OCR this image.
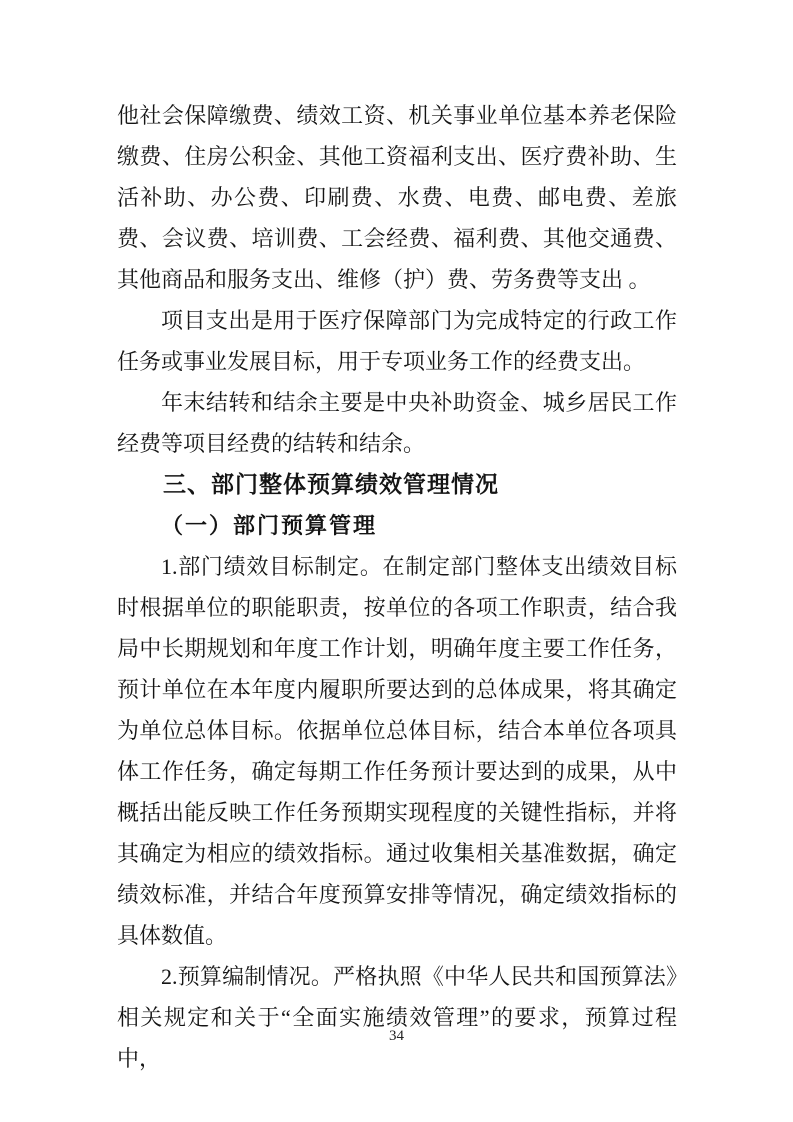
他社会保障缴费、绩效工资、机关事业单位基本养老保险缴费、住房公积金、其他工资福利支出、医疗费补助、生活补助、办公费、印刷费、水费、电费、邮电费、差旅费、会议费、培训费、工会经费、福利费、其他交通费、其他商品和服务支出、维修（护）费、劳务费等支出 。

项目支出是用于医疗保障部门为完成特定的行政工作任务或事业发展目标，用于专项业务工作的经费支出。

年末结转和结余主要是中央补助资金、城乡居民工作经费等项目经费的结转和结余。

三、部门整体预算绩效管理情况
（一）部门预算管理

1.部门绩效目标制定。在制定部门整体支出绩效目标时根据单位的职能职责，按单位的各项工作职责，结合我局中长期规划和年度工作计划，明确年度主要工作任务，预计单位在本年度内履职所要达到的总体成果，将其确定为单位总体目标。依据单位总体目标，结合本单位各项具体工作任务，确定每期工作任务预计要达到的成果，从中概括出能反映工作任务预期实现程度的关键性指标，并将其确定为相应的绩效指标。通过收集相关基准数据，确定绩效标准，并结合年度预算安排等情况，确定绩效指标的具体数值。

2.预算编制情况。严格执照《中华人民共和国预算法》相关规定和关于“全面实施绩效管理”的要求，预算过程中，

34
